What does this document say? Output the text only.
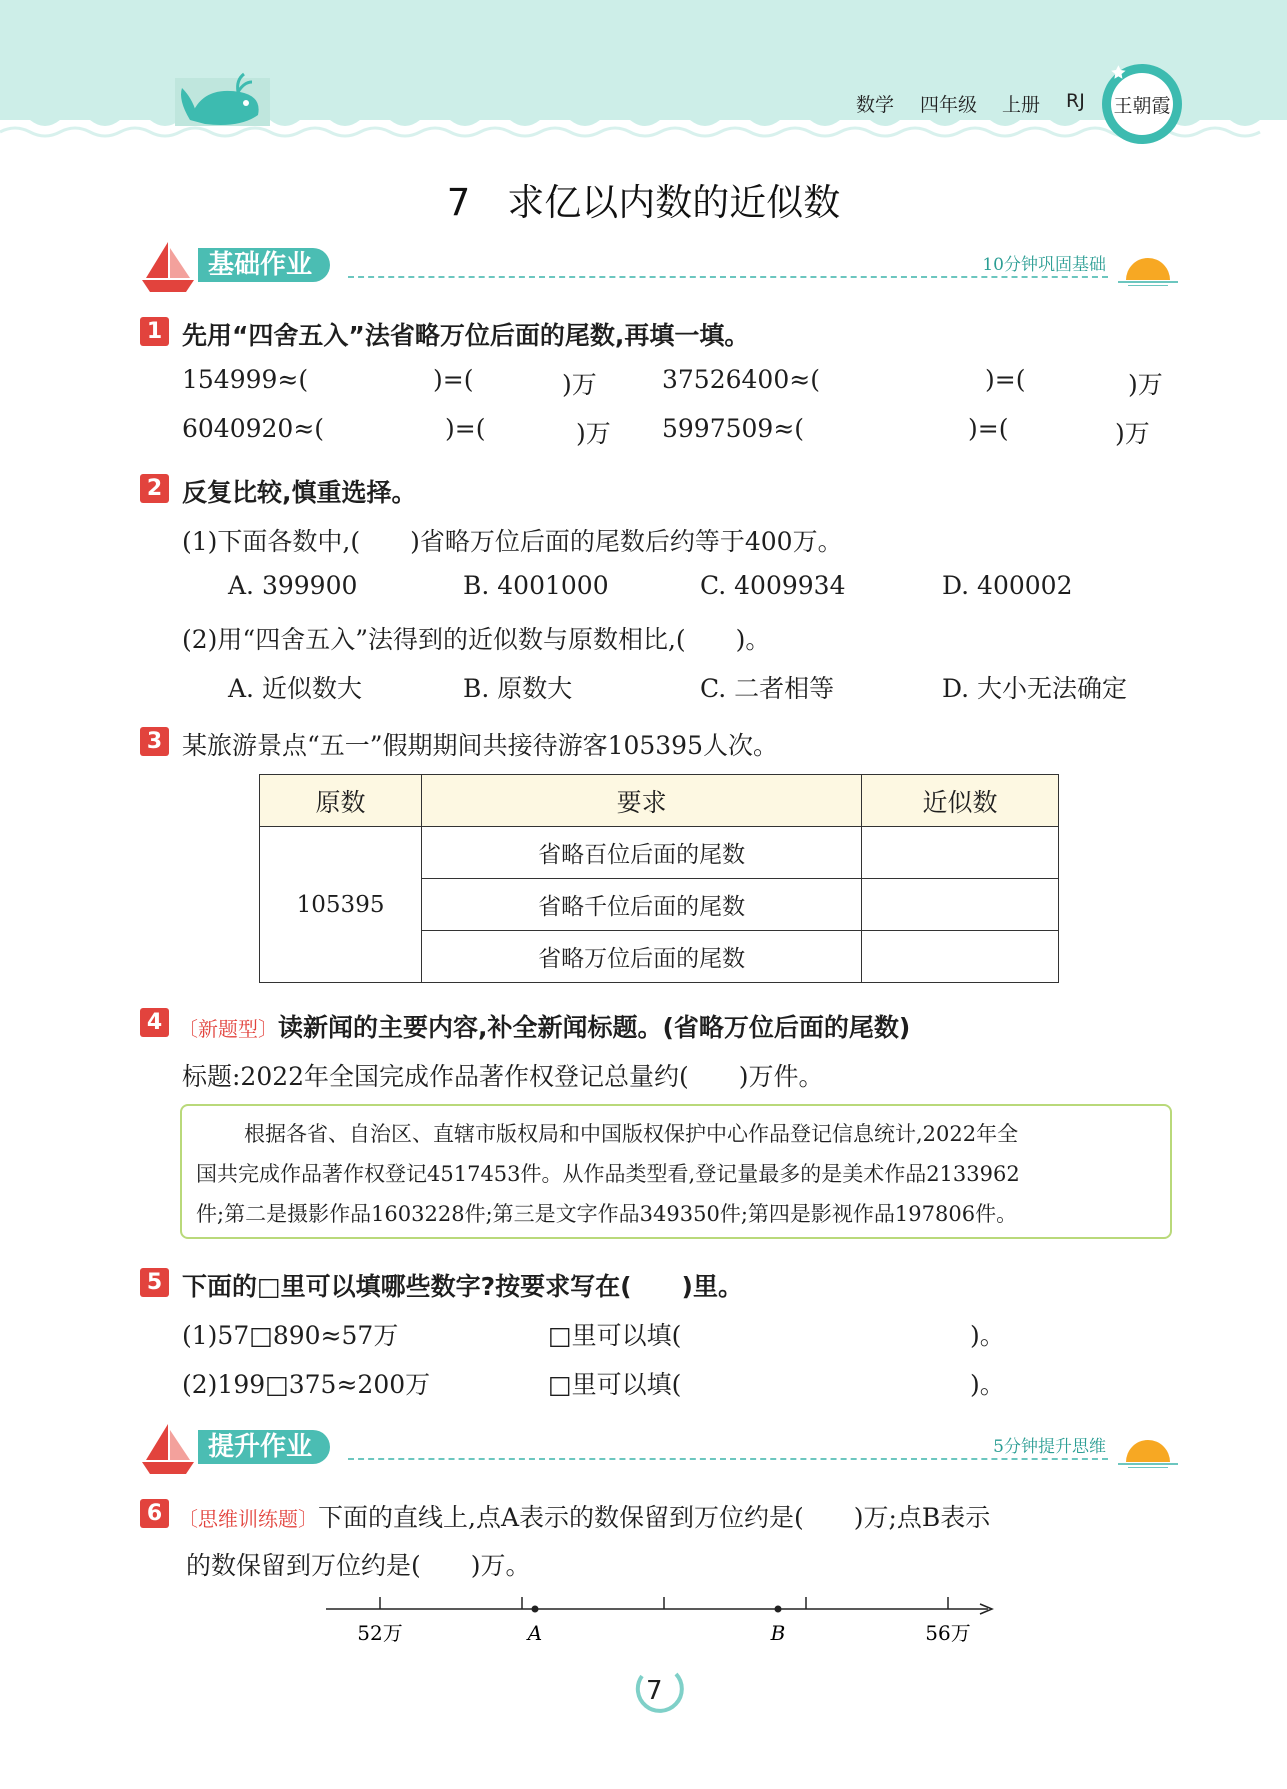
数学 四年级 上册 RJ 王朝霞
7　求亿以内数的近似数
基础作业	10分钟巩固基础
1 先用“四舍五入”法省略万位后面的尾数,再填一填。
154999≈(	)=(	)万	37526400≈(	)=(	)万
6040920≈(	)=(	)万 5997509≈(	)=(	)万
2 反复比较,慎重选择。
(1)下面各数中,(　　)省略万位后面的尾数后约等于400万。
A. 399900	B. 4001000	C. 4009934	D. 400002
(2)用“四舍五入”法得到的近似数与原数相比,(　　)。
A. 近似数大	B. 原数大	C. 二者相等	D. 大小无法确定
3 某旅游景点“五一”假期期间共接待游客105395人次。
原数	要求	近似数
105395	省略百位后面的尾数	
	省略千位后面的尾数	
	省略万位后面的尾数	
4 〔新题型〕读新闻的主要内容,补全新闻标题。(省略万位后面的尾数)
标题:2022年全国完成作品著作权登记总量约(　　)万件。

根据各省、自治区、直辖市版权局和中国版权保护中心作品登记信息统计,2022年全

国共完成作品著作权登记4517453件。从作品类型看,登记量最多的是美术作品2133962

件;第二是摄影作品1603228件;第三是文字作品349350件;第四是影视作品197806件。

5 下面的□里可以填哪些数字?按要求写在(　　)里。
(1)57□890≈57万	□里可以填(	)。
(2)199□375≈200万	□里可以填(	)。
提升作业	5分钟提升思维
6 〔思维训练题〕下面的直线上,点A表示的数保留到万位约是(　　)万;点B表示
的数保留到万位约是(　　)万。
52万	A	B	56万
7
